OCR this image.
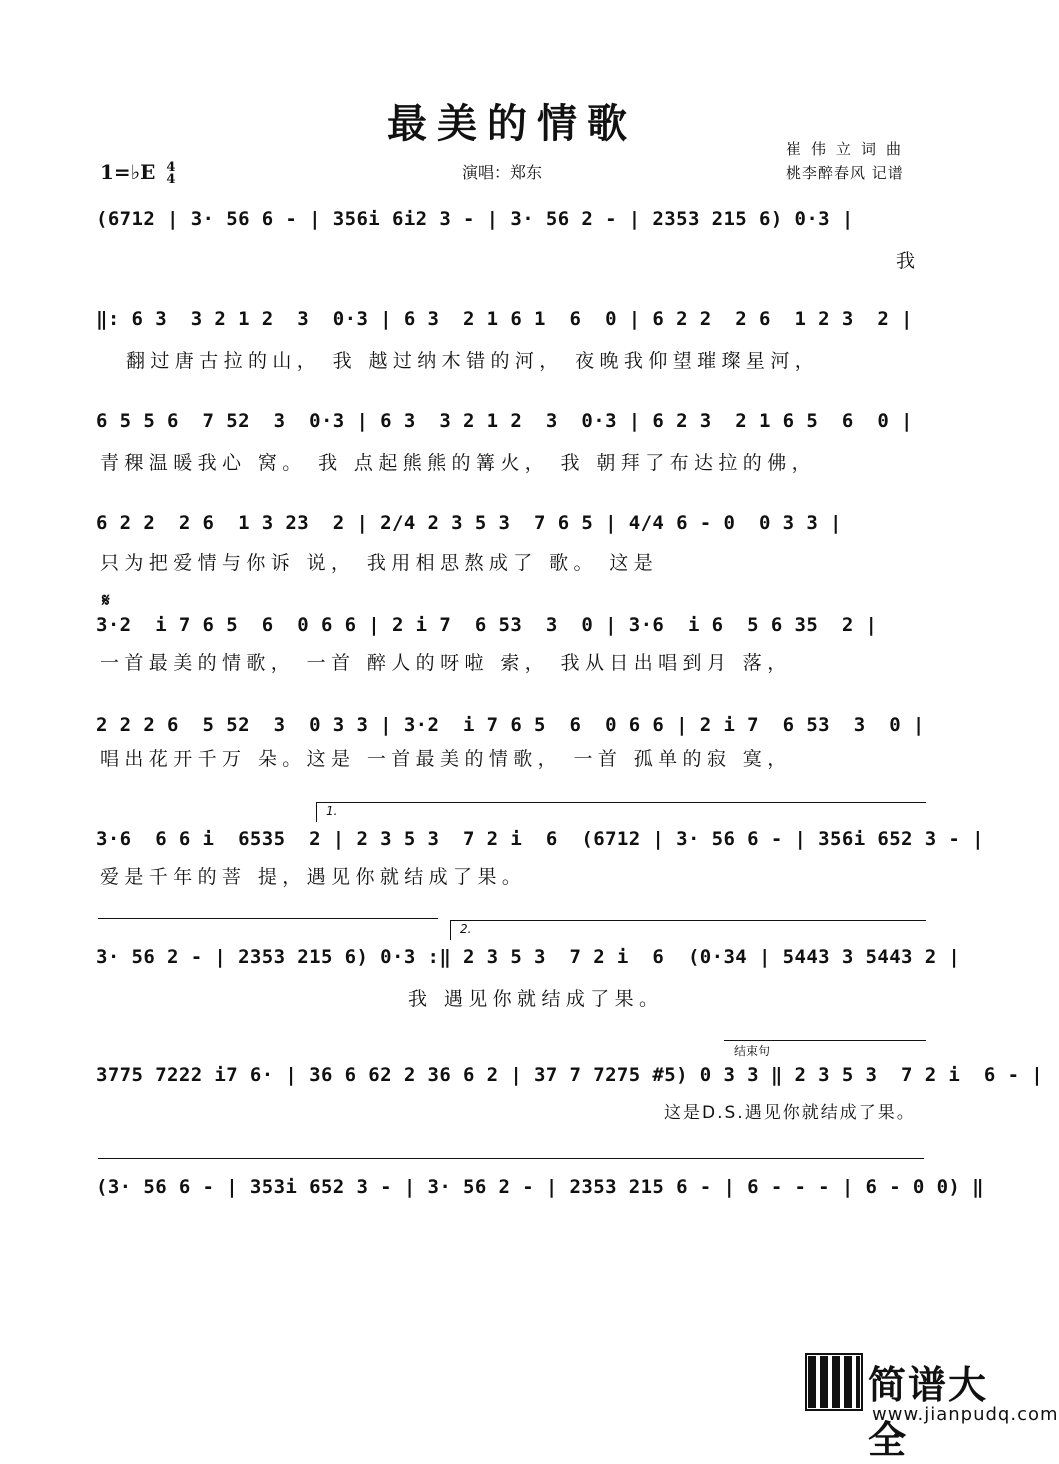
最美的情歌
1=♭E 4
4	演唱：郑东
崔伟立词曲
桃李醉春风 记谱
(6712 | 3· 56 6 - | 356i 6i2 3 - | 3· 56 2 - | 2353 215 6) 0·3 |
我
‖: 6 3  3 2 1 2  3  0·3 | 6 3  2 1 6 1  6  0 | 6 2 2  2 6  1 2 3  2 |
翻过唐古拉的山， 我 越过纳木错的河， 夜晚我仰望璀璨星河，
6 5 5 6  7 52  3  0·3 | 6 3  3 2 1 2  3  0·3 | 6 2 3  2 1 6 5  6  0 |
青稞温暖我心 窝。 我 点起熊熊的篝火， 我 朝拜了布达拉的佛，
6 2 2  2 6  1 3 23  2 | 2/4 2 3 5 3  7 6 5 | 4/4 6 - 0  0 3 3 |
只为把爱情与你诉 说， 我用相思熬成了 歌。 这是
𝄋
3·2  i 7 6 5  6  0 6 6 | 2 i 7  6 53  3  0 | 3·6  i 6  5 6 35  2 |
一首最美的情歌， 一首 醉人的呀啦 索， 我从日出唱到月 落，
2 2 2 6  5 52  3  0 3 3 | 3·2  i 7 6 5  6  0 6 6 | 2 i 7  6 53  3  0 |
唱出花开千万 朵。这是 一首最美的情歌， 一首 孤单的寂 寞，
1.
3·6  6 6 i  6535  2 | 2 3 5 3  7 2 i  6  (6712 | 3· 56 6 - | 356i 652 3 - |
爱是千年的菩 提，遇见你就结成了果。
2.
3· 56 2 - | 2353 215 6) 0·3 :‖ 2 3 5 3  7 2 i  6  (0·34 | 5443 3 5443 2 |
我 遇见你就结成了果。
结束句
3775 7222 i7 6· | 36 6 62 2 36 6 2 | 37 7 7275 #5) 0 3 3 ‖ 2 3 5 3  7 2 i  6 - |
这是D.S.遇见你就结成了果。
(3· 56 6 - | 353i 652 3 - | 3· 56 2 - | 2353 215 6 - | 6 - - - | 6 - 0 0) ‖
简谱大全
www.jianpudq.com
